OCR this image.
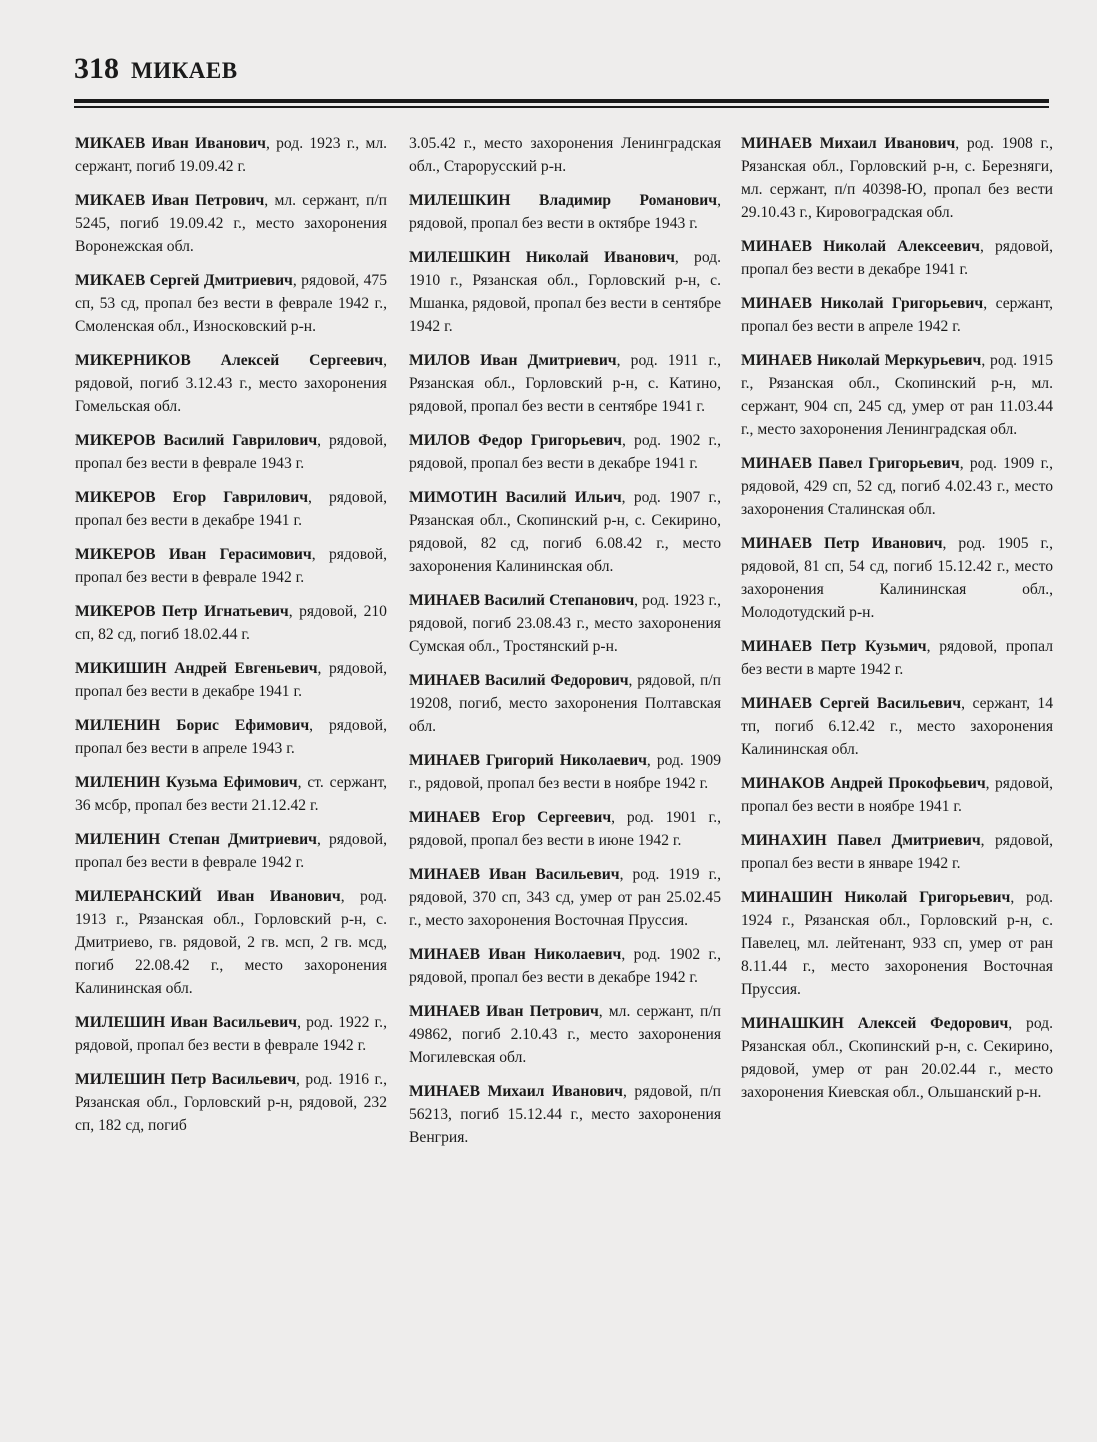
318 МИКАЕВ

МИКАЕВ Иван Иванович, род. 1923 г., мл. сержант, погиб 19.09.42 г.

МИКАЕВ Иван Петрович, мл. сержант, п/п 5245, погиб 19.09.42 г., место захоронения Воронежская обл.

МИКАЕВ Сергей Дмитриевич, рядовой, 475 сп, 53 сд, пропал без вести в феврале 1942 г., Смоленская обл., Износковский р-н.

МИКЕРНИКОВ Алексей Сергеевич, рядовой, погиб 3.12.43 г., место захоронения Гомельская обл.

МИКЕРОВ Василий Гаврилович, рядовой, пропал без вести в феврале 1943 г.

МИКЕРОВ Егор Гаврилович, рядовой, пропал без вести в декабре 1941 г.

МИКЕРОВ Иван Герасимович, рядовой, пропал без вести в феврале 1942 г.

МИКЕРОВ Петр Игнатьевич, рядовой, 210 сп, 82 сд, погиб 18.02.44 г.

МИКИШИН Андрей Евгеньевич, рядовой, пропал без вести в декабре 1941 г.

МИЛЕНИН Борис Ефимович, рядовой, пропал без вести в апреле 1943 г.

МИЛЕНИН Кузьма Ефимович, ст. сержант, 36 мсбр, пропал без вести 21.12.42 г.

МИЛЕНИН Степан Дмитриевич, рядовой, пропал без вести в феврале 1942 г.

МИЛЕРАНСКИЙ Иван Иванович, род. 1913 г., Рязанская обл., Горловский р-н, с. Дмитриево, гв. рядовой, 2 гв. мсп, 2 гв. мсд, погиб 22.08.42 г., место захоронения Калининская обл.

МИЛЕШИН Иван Васильевич, род. 1922 г., рядовой, пропал без вести в феврале 1942 г.

МИЛЕШИН Петр Васильевич, род. 1916 г., Рязанская обл., Горловский р-н, рядовой, 232 сп, 182 сд, погиб

3.05.42 г., место захоронения Ленинградская обл., Старорусский р-н.

МИЛЕШКИН Владимир Романович, рядовой, пропал без вести в октябре 1943 г.

МИЛЕШКИН Николай Иванович, род. 1910 г., Рязанская обл., Горловский р-н, с. Мшанка, рядовой, пропал без вести в сентябре 1942 г.

МИЛОВ Иван Дмитриевич, род. 1911 г., Рязанская обл., Горловский р-н, с. Катино, рядовой, пропал без вести в сентябре 1941 г.

МИЛОВ Федор Григорьевич, род. 1902 г., рядовой, пропал без вести в декабре 1941 г.

МИМОТИН Василий Ильич, род. 1907 г., Рязанская обл., Скопинский р-н, с. Секирино, рядовой, 82 сд, погиб 6.08.42 г., место захоронения Калининская обл.

МИНАЕВ Василий Степанович, род. 1923 г., рядовой, погиб 23.08.43 г., место захоронения Сумская обл., Тростянский р-н.

МИНАЕВ Василий Федорович, рядовой, п/п 19208, погиб, место захоронения Полтавская обл.

МИНАЕВ Григорий Николаевич, род. 1909 г., рядовой, пропал без вести в ноябре 1942 г.

МИНАЕВ Егор Сергеевич, род. 1901 г., рядовой, пропал без вести в июне 1942 г.

МИНАЕВ Иван Васильевич, род. 1919 г., рядовой, 370 сп, 343 сд, умер от ран 25.02.45 г., место захоронения Восточная Пруссия.

МИНАЕВ Иван Николаевич, род. 1902 г., рядовой, пропал без вести в декабре 1942 г.

МИНАЕВ Иван Петрович, мл. сержант, п/п 49862, погиб 2.10.43 г., место захоронения Могилевская обл.

МИНАЕВ Михаил Иванович, рядовой, п/п 56213, погиб 15.12.44 г., место захоронения Венгрия.

МИНАЕВ Михаил Иванович, род. 1908 г., Рязанская обл., Горловский р-н, с. Березняги, мл. сержант, п/п 40398-Ю, пропал без вести 29.10.43 г., Кировоградская обл.

МИНАЕВ Николай Алексеевич, рядовой, пропал без вести в декабре 1941 г.

МИНАЕВ Николай Григорьевич, сержант, пропал без вести в апреле 1942 г.

МИНАЕВ Николай Меркурьевич, род. 1915 г., Рязанская обл., Скопинский р-н, мл. сержант, 904 сп, 245 сд, умер от ран 11.03.44 г., место захоронения Ленинградская обл.

МИНАЕВ Павел Григорьевич, род. 1909 г., рядовой, 429 сп, 52 сд, погиб 4.02.43 г., место захоронения Сталинская обл.

МИНАЕВ Петр Иванович, род. 1905 г., рядовой, 81 сп, 54 сд, погиб 15.12.42 г., место захоронения Калининская обл., Молодотудский р-н.

МИНАЕВ Петр Кузьмич, рядовой, пропал без вести в марте 1942 г.

МИНАЕВ Сергей Васильевич, сержант, 14 тп, погиб 6.12.42 г., место захоронения Калининская обл.

МИНАКОВ Андрей Прокофьевич, рядовой, пропал без вести в ноябре 1941 г.

МИНАХИН Павел Дмитриевич, рядовой, пропал без вести в январе 1942 г.

МИНАШИН Николай Григорьевич, род. 1924 г., Рязанская обл., Горловский р-н, с. Павелец, мл. лейтенант, 933 сп, умер от ран 8.11.44 г., место захоронения Восточная Пруссия.

МИНАШКИН Алексей Федорович, род. Рязанская обл., Скопинский р-н, с. Секирино, рядовой, умер от ран 20.02.44 г., место захоронения Киевская обл., Ольшанский р-н.
